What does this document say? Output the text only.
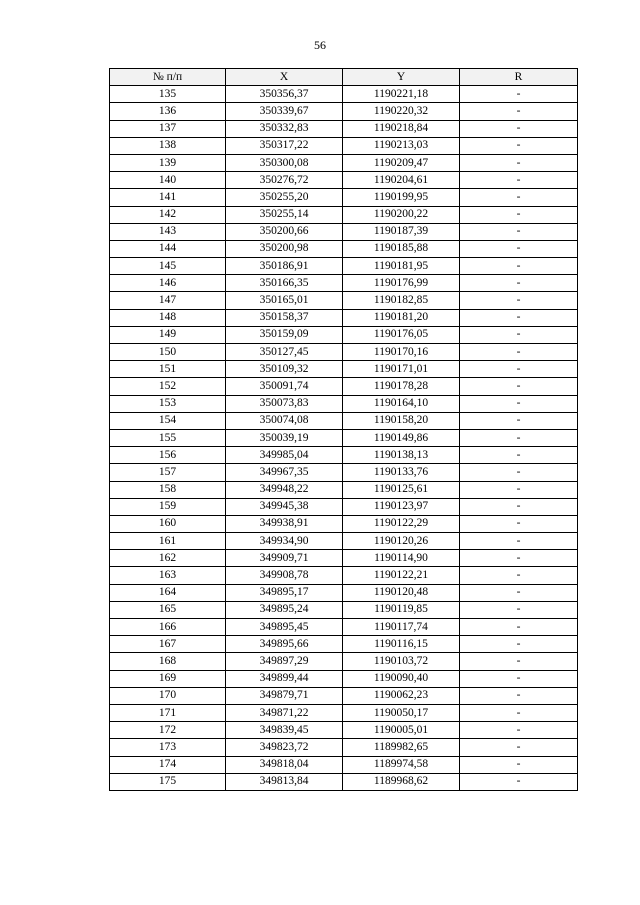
56
№ п/п	X	Y	R
135	350356,37	1190221,18	-
136	350339,67	1190220,32	-
137	350332,83	1190218,84	-
138	350317,22	1190213,03	-
139	350300,08	1190209,47	-
140	350276,72	1190204,61	-
141	350255,20	1190199,95	-
142	350255,14	1190200,22	-
143	350200,66	1190187,39	-
144	350200,98	1190185,88	-
145	350186,91	1190181,95	-
146	350166,35	1190176,99	-
147	350165,01	1190182,85	-
148	350158,37	1190181,20	-
149	350159,09	1190176,05	-
150	350127,45	1190170,16	-
151	350109,32	1190171,01	-
152	350091,74	1190178,28	-
153	350073,83	1190164,10	-
154	350074,08	1190158,20	-
155	350039,19	1190149,86	-
156	349985,04	1190138,13	-
157	349967,35	1190133,76	-
158	349948,22	1190125,61	-
159	349945,38	1190123,97	-
160	349938,91	1190122,29	-
161	349934,90	1190120,26	-
162	349909,71	1190114,90	-
163	349908,78	1190122,21	-
164	349895,17	1190120,48	-
165	349895,24	1190119,85	-
166	349895,45	1190117,74	-
167	349895,66	1190116,15	-
168	349897,29	1190103,72	-
169	349899,44	1190090,40	-
170	349879,71	1190062,23	-
171	349871,22	1190050,17	-
172	349839,45	1190005,01	-
173	349823,72	1189982,65	-
174	349818,04	1189974,58	-
175	349813,84	1189968,62	-
